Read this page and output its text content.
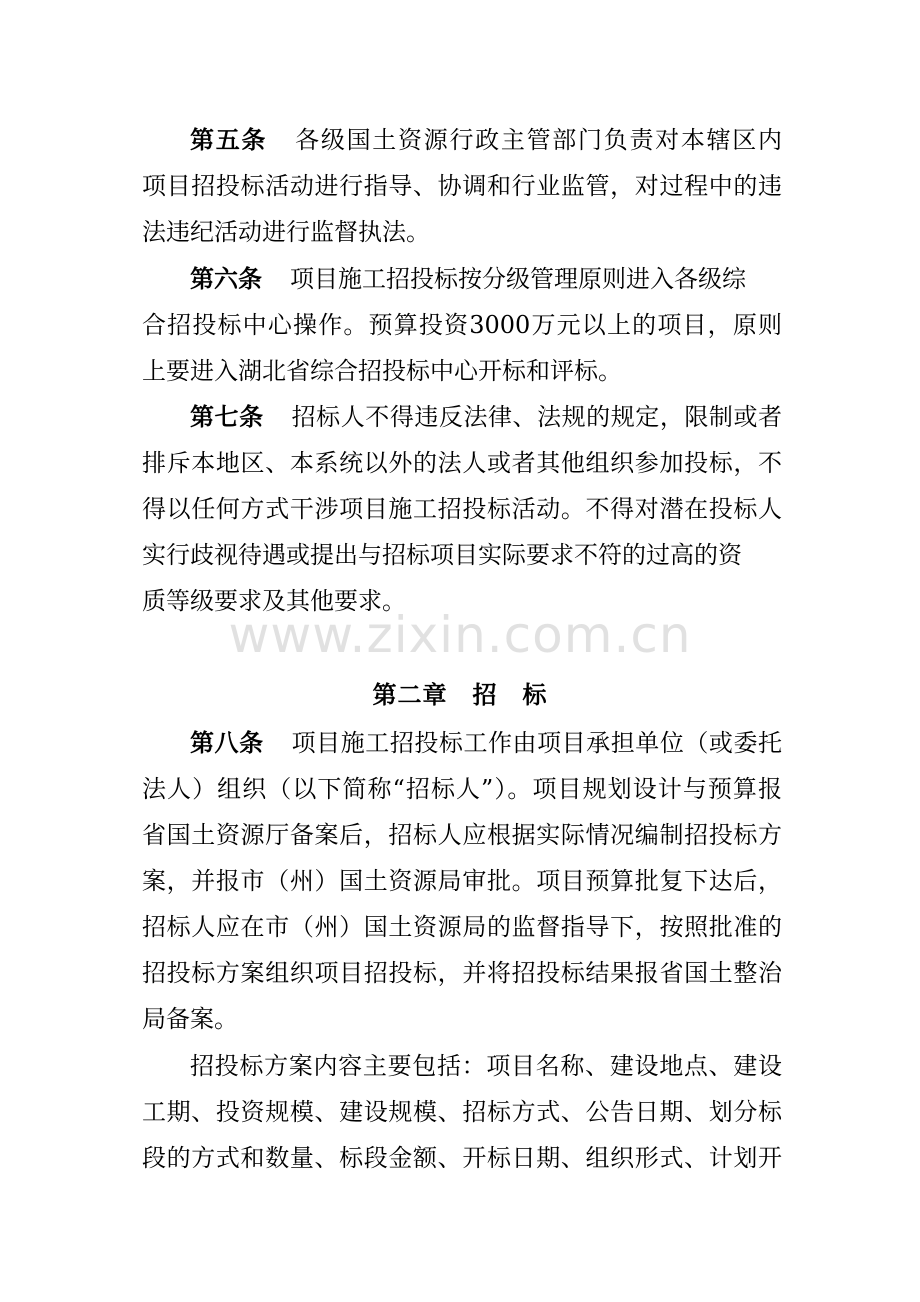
www.zixin.com.cn
第五条 各级国土资源行政主管部门负责对本辖区内
项目招投标活动进行指导、协调和行业监管，对过程中的违
法违纪活动进行监督执法。
第六条 项目施工招投标按分级管理原则进入各级综
合招投标中心操作。预算投资3000万元以上的项目，原则
上要进入湖北省综合招投标中心开标和评标。
第七条 招标人不得违反法律、法规的规定，限制或者
排斥本地区、本系统以外的法人或者其他组织参加投标，不
得以任何方式干涉项目施工招投标活动。不得对潜在投标人
实行歧视待遇或提出与招标项目实际要求不符的过高的资
质等级要求及其他要求。
第二章　招　标
第八条 项目施工招投标工作由项目承担单位（或委托
法人）组织（以下简称“招标人”）。项目规划设计与预算报
省国土资源厅备案后，招标人应根据实际情况编制招投标方
案，并报市（州）国土资源局审批。项目预算批复下达后，
招标人应在市（州）国土资源局的监督指导下，按照批准的
招投标方案组织项目招投标，并将招投标结果报省国土整治
局备案。
招投标方案内容主要包括：项目名称、建设地点、建设
工期、投资规模、建设规模、招标方式、公告日期、划分标
段的方式和数量、标段金额、开标日期、组织形式、计划开
